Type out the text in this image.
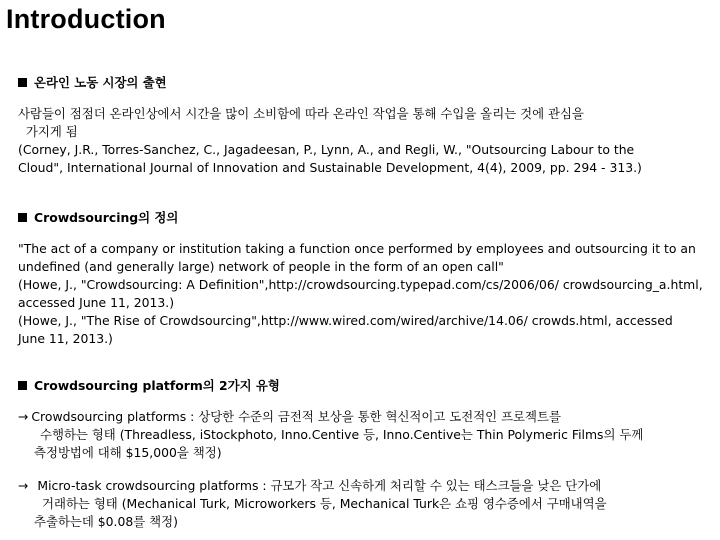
Introduction
온라인 노동 시장의 출현
사람들이 점점더 온라인상에서 시간을 많이 소비함에 따라 온라인 작업을 통해 수입을 올리는 것에 관심을
가지게 됨
(Corney, J.R., Torres-Sanchez, C., Jagadeesan, P., Lynn, A., and Regli, W., "Outsourcing Labour to the
Cloud", International Journal of Innovation and Sustainable Development, 4(4), 2009, pp. 294 - 313.)
Crowdsourcing의 정의
"The act of a company or institution taking a function once performed by employees and outsourcing it to an
undefined (and generally large) network of people in the form of an open call"
(Howe, J., "Crowdsourcing: A Definition",http://crowdsourcing.typepad.com/cs/2006/06/ crowdsourcing_a.html,
accessed June 11, 2013.)
(Howe, J., "The Rise of Crowdsourcing",http://www.wired.com/wired/archive/14.06/ crowds.html, accessed
June 11, 2013.)
Crowdsourcing platform의 2가지 유형
→ Crowdsourcing platforms : 상당한 수준의 금전적 보상을 통한 혁신적이고 도전적인 프로젝트를
수행하는 형태 (Threadless, iStockphoto, Inno.Centive 등, Inno.Centive는 Thin Polymeric Films의 두께
측정방법에 대해 $15,000을 책정)
→ Micro-task crowdsourcing platforms : 규모가 작고 신속하게 처리할 수 있는 태스크들을 낮은 단가에
거래하는 형태 (Mechanical Turk, Microworkers 등, Mechanical Turk은 쇼핑 영수증에서 구매내역을
추출하는데 $0.08를 책정)
